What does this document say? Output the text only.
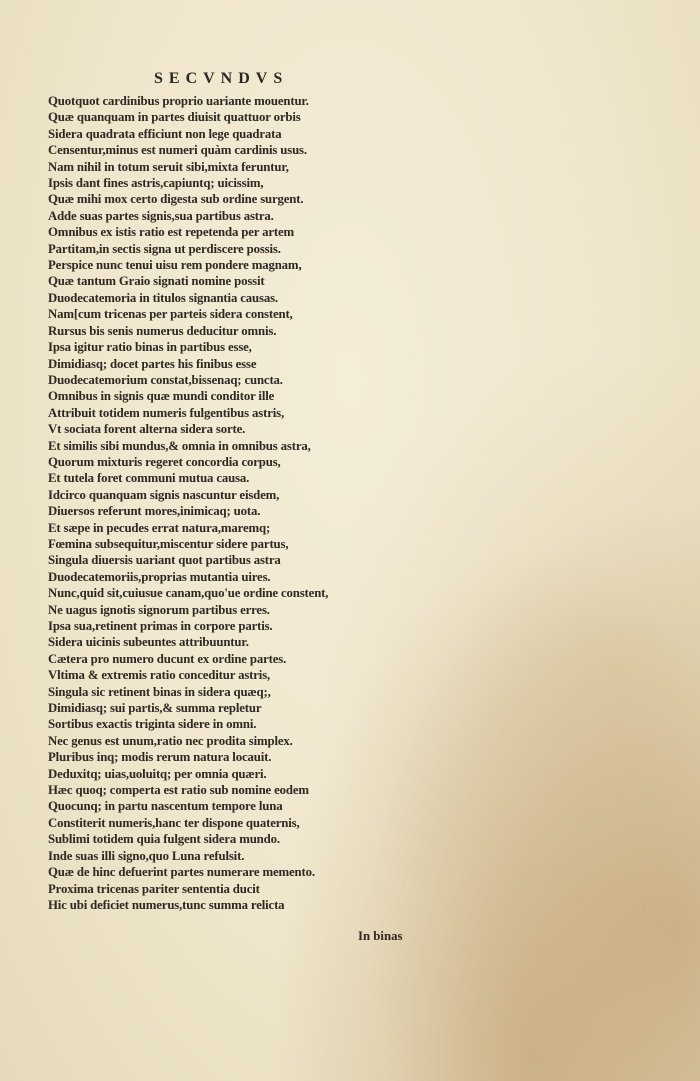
SECVNDVS
Quotquot cardinibus proprio uariante mouentur.
Quæ quanquam in partes diuisit quattuor orbis
Sidera quadrata efficiunt non lege quadrata
Censentur,minus est numeri quàm cardinis usus.
Nam nihil in totum seruit sibi,mixta feruntur,
Ipsis dant fines astris,capiuntq; uicissim,
Quæ mihi mox certo digesta sub ordine surgent.
Adde suas partes signis,sua partibus astra.
Omnibus ex istis ratio est repetenda per artem
Partitam,in sectis signa ut perdiscere possis.
Perspice nunc tenui uisu rem pondere magnam,
Quæ tantum Graio signati nomine possit
Duodecatemoria in titulos signantia causas.
Nam[cum tricenas per parteis sidera constent,
Rursus bis senis numerus deducitur omnis.
Ipsa igitur ratio binas in partibus esse,
Dimidiasq; docet partes his finibus esse
Duodecatemorium constat,bissenaq; cuncta.
Omnibus in signis quæ mundi conditor ille
Attribuit totidem numeris fulgentibus astris,
Vt sociata forent alterna sidera sorte.
Et similis sibi mundus,& omnia in omnibus astra,
Quorum mixturis regeret concordia corpus,
Et tutela foret communi mutua causa.
Idcirco quanquam signis nascuntur eisdem,
Diuersos referunt mores,inimicaq; uota.
Et sæpe in pecudes errat natura,maremq;
Fœmina subsequitur,miscentur sidere partus,
Singula diuersis uariant quot partibus astra
Duodecatemoriis,proprias mutantia uires.
Nunc,quid sit,cuiusue canam,quo'ue ordine constent,
Ne uagus ignotis signorum partibus erres.
Ipsa sua,retinent primas in corpore partis.
Sidera uicinis subeuntes attribuuntur.
Cætera pro numero ducunt ex ordine partes.
Vltima & extremis ratio conceditur astris,
Singula sic retinent binas in sidera quæq;,
Dimidiasq; sui partis,& summa repletur
Sortibus exactis triginta sidere in omni.
Nec genus est unum,ratio nec prodita simplex.
Pluribus inq; modis rerum natura locauit.
Deduxitq; uias,uoluitq; per omnia quæri.
Hæc quoq; comperta est ratio sub nomine eodem
Quocunq; in partu nascentum tempore luna
Constiterit numeris,hanc ter dispone quaternis,
Sublimi totidem quia fulgent sidera mundo.
Inde suas illi signo,quo Luna refulsit.
Quæ de hinc defuerint partes numerare memento.
Proxima tricenas pariter sententia ducit
Hic ubi deficiet numerus,tunc summa relicta
In binas
